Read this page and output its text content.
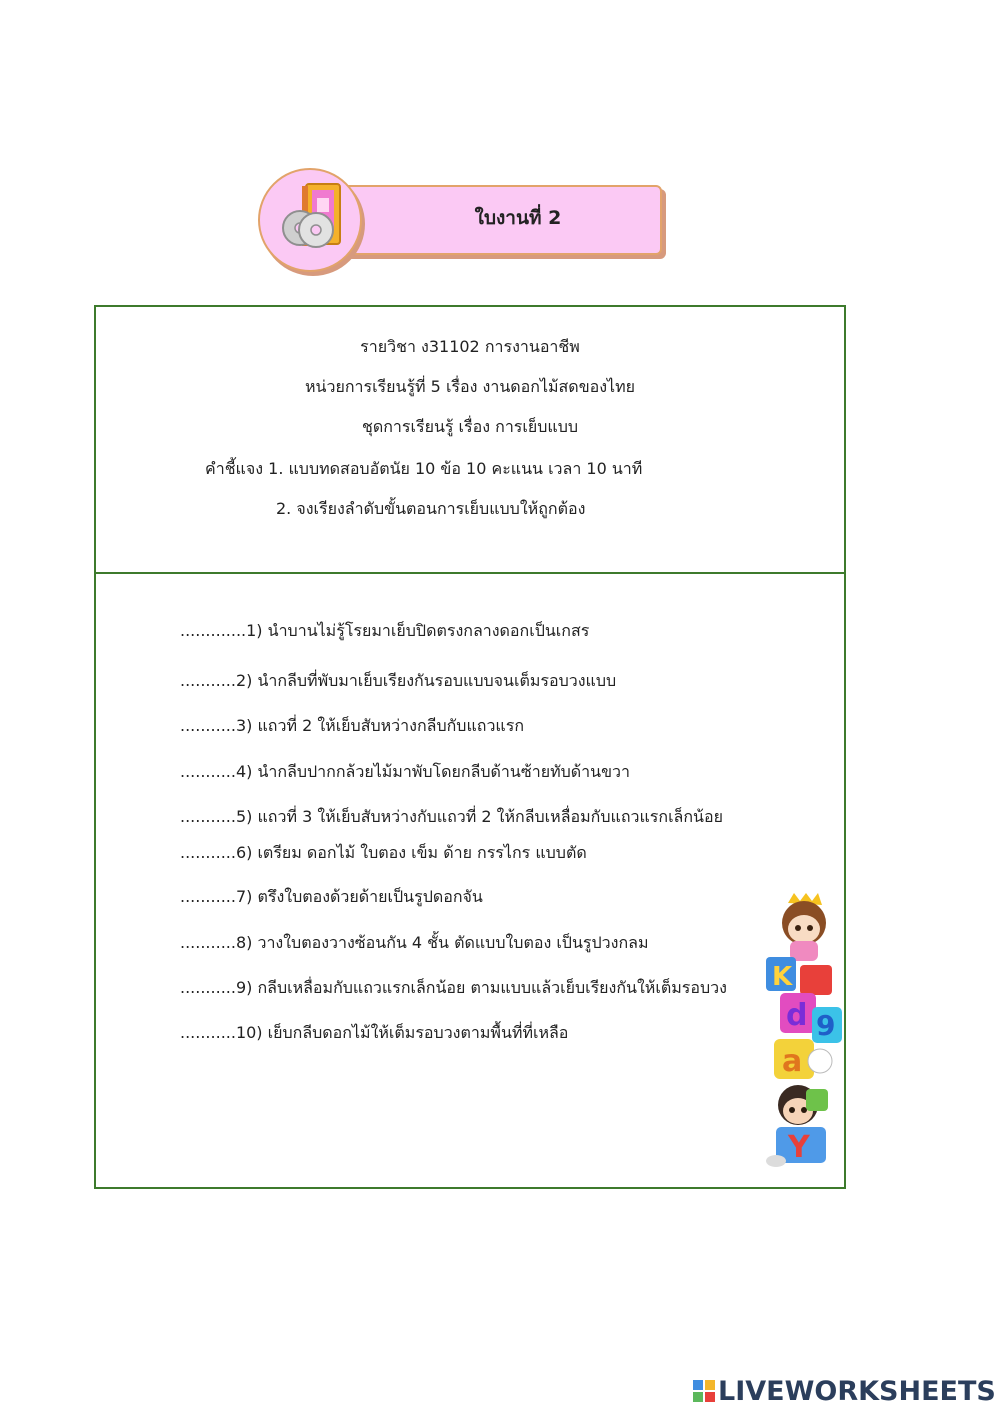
ใบงานที่ 2
รายวิชา ง31102 การงานอาชีพ
หน่วยการเรียนรู้ที่ 5 เรื่อง งานดอกไม้สดของไทย
ชุดการเรียนรู้ เรื่อง การเย็บแบบ
คำชี้แจง 1. แบบทดสอบอัตนัย 10 ข้อ 10 คะแนน เวลา 10 นาที
2. จงเรียงลำดับขั้นตอนการเย็บแบบให้ถูกต้อง
.............1) นำบานไม่รู้โรยมาเย็บปิดตรงกลางดอกเป็นเกสร
...........2) นำกลีบที่พับมาเย็บเรียงกันรอบแบบจนเต็มรอบวงแบบ
...........3) แถวที่ 2 ให้เย็บสับหว่างกลีบกับแถวแรก
...........4) นำกลีบปากกล้วยไม้มาพับโดยกลีบด้านซ้ายทับด้านขวา
...........5) แถวที่ 3 ให้เย็บสับหว่างกับแถวที่ 2 ให้กลีบเหลื่อมกับแถวแรกเล็กน้อย
...........6) เตรียม ดอกไม้ ใบตอง เข็ม ด้าย กรรไกร แบบตัด
...........7) ตรึงใบตองด้วยด้ายเป็นรูปดอกจัน
...........8) วางใบตองวางซ้อนกัน 4 ชั้น ตัดแบบใบตอง เป็นรูปวงกลม
...........9) กลีบเหลื่อมกับแถวแรกเล็กน้อย ตามแบบแล้วเย็บเรียงกันให้เต็มรอบวง
...........10) เย็บกลีบดอกไม้ให้เต็มรอบวงตามพื้นที่ที่เหลือ
K
d 9
a
Y
LIVEWORKSHEETS
